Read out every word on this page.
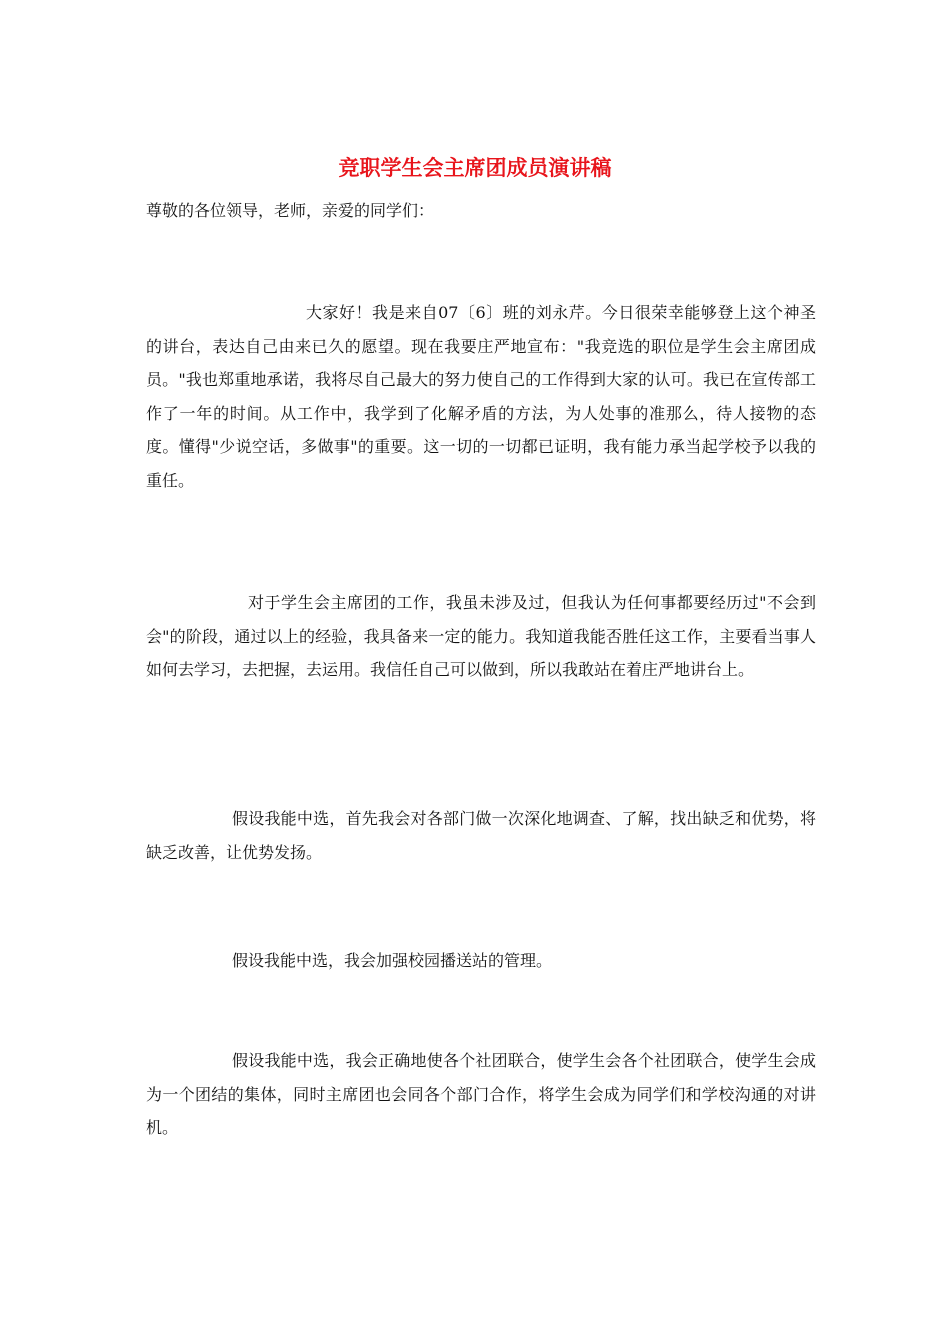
竞职学生会主席团成员演讲稿
尊敬的各位领导，老师，亲爱的同学们：
大家好！我是来自07〔6〕班的刘永芹。今日很荣幸能够登上这个神圣的讲台，表达自己由来已久的愿望。现在我要庄严地宣布："我竞选的职位是学生会主席团成员。"我也郑重地承诺，我将尽自己最大的努力使自己的工作得到大家的认可。我已在宣传部工作了一年的时间。从工作中，我学到了化解矛盾的方法，为人处事的准那么，待人接物的态度。懂得"少说空话，多做事"的重要。这一切的一切都已证明，我有能力承当起学校予以我的重任。
对于学生会主席团的工作，我虽未涉及过，但我认为任何事都要经历过"不会到会"的阶段，通过以上的经验，我具备来一定的能力。我知道我能否胜任这工作，主要看当事人如何去学习，去把握，去运用。我信任自己可以做到，所以我敢站在着庄严地讲台上。
假设我能中选，首先我会对各部门做一次深化地调查、了解，找出缺乏和优势，将缺乏改善，让优势发扬。
假设我能中选，我会加强校园播送站的管理。
假设我能中选，我会正确地使各个社团联合，使学生会各个社团联合，使学生会成为一个团结的集体，同时主席团也会同各个部门合作，将学生会成为同学们和学校沟通的对讲机。
